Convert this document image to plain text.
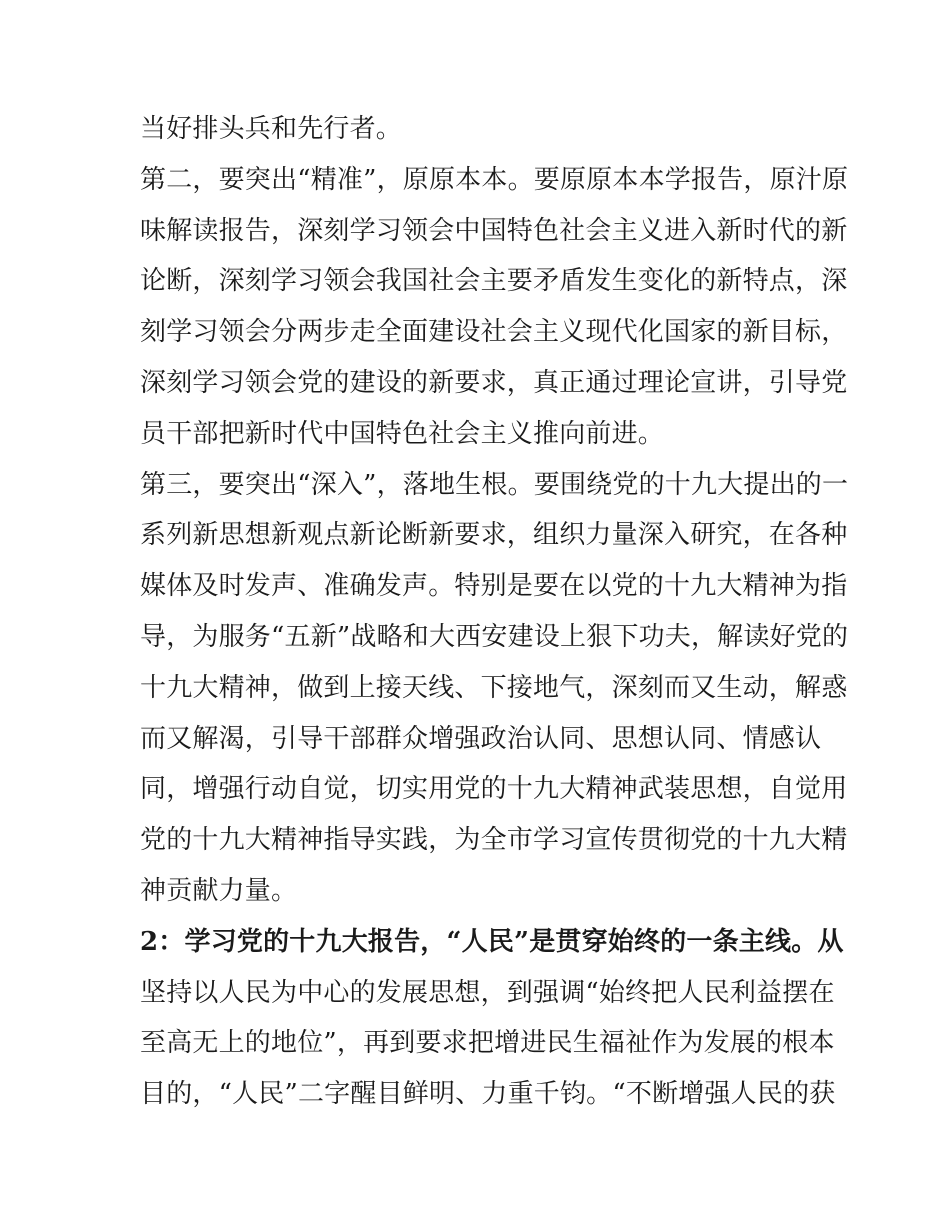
当好排头兵和先行者。
第二，要突出“精准”，原原本本。要原原本本学报告，原汁原
味解读报告，深刻学习领会中国特色社会主义进入新时代的新
论断，深刻学习领会我国社会主要矛盾发生变化的新特点，深
刻学习领会分两步走全面建设社会主义现代化国家的新目标，
深刻学习领会党的建设的新要求，真正通过理论宣讲，引导党
员干部把新时代中国特色社会主义推向前进。
第三，要突出“深入”，落地生根。要围绕党的十九大提出的一
系列新思想新观点新论断新要求，组织力量深入研究，在各种
媒体及时发声、准确发声。特别是要在以党的十九大精神为指
导，为服务“五新”战略和大西安建设上狠下功夫，解读好党的
十九大精神，做到上接天线、下接地气，深刻而又生动，解惑
而又解渴，引导干部群众增强政治认同、思想认同、情感认
同，增强行动自觉，切实用党的十九大精神武装思想，自觉用
党的十九大精神指导实践，为全市学习宣传贯彻党的十九大精
神贡献力量。
2：学习党的十九大报告，“人民”是贯穿始终的一条主线。从
坚持以人民为中心的发展思想，到强调“始终把人民利益摆在
至高无上的地位”，再到要求把增进民生福祉作为发展的根本
目的，“人民”二字醒目鲜明、力重千钧。“不断增强人民的获
